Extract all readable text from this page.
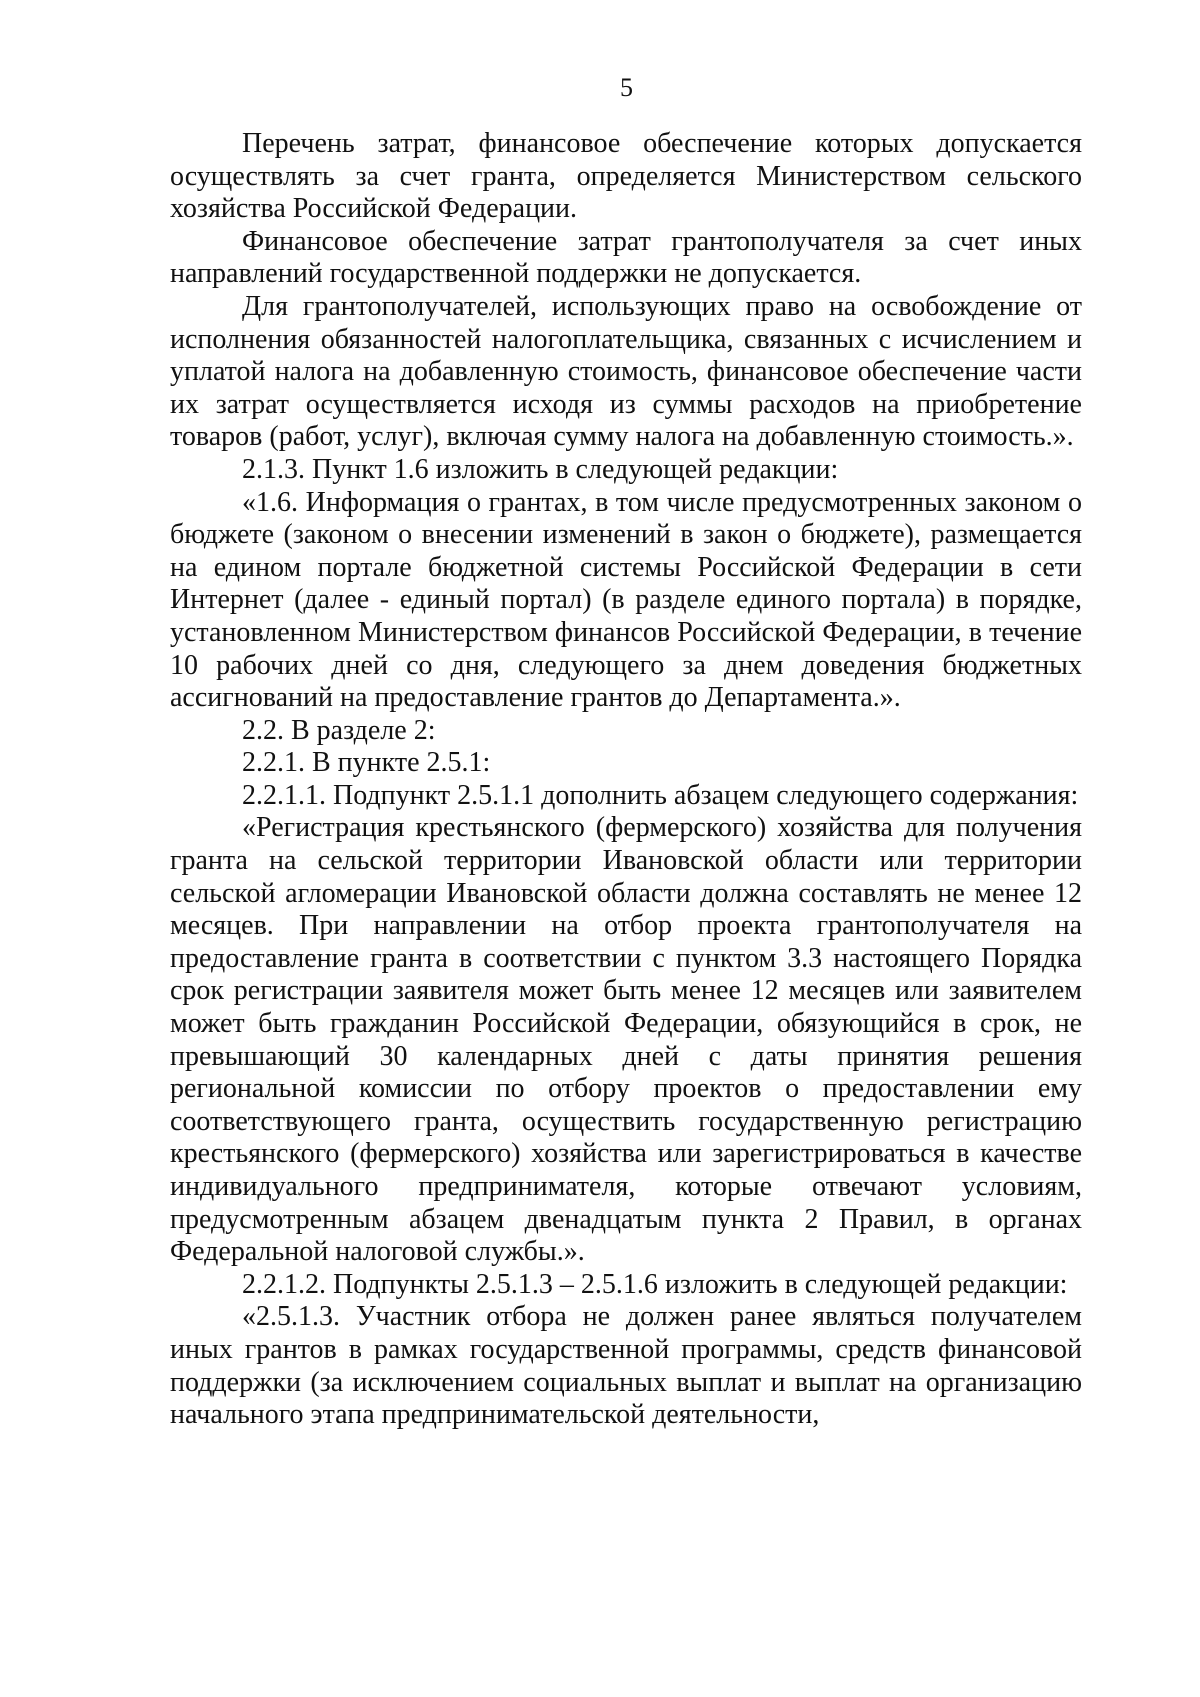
5

Перечень затрат, финансовое обеспечение которых допускается осуществлять за счет гранта, определяется Министерством сельского хозяйства Российской Федерации.

Финансовое обеспечение затрат грантополучателя за счет иных направлений государственной поддержки не допускается.

Для грантополучателей, использующих право на освобождение от исполнения обязанностей налогоплательщика, связанных с исчислением и уплатой налога на добавленную стоимость, финансовое обеспечение части их затрат осуществляется исходя из суммы расходов на приобретение товаров (работ, услуг), включая сумму налога на добавленную стоимость.».

2.1.3. Пункт 1.6 изложить в следующей редакции:

«1.6. Информация о грантах, в том числе предусмотренных законом о бюджете (законом о внесении изменений в закон о бюджете), размещается на едином портале бюджетной системы Российской Федерации в сети Интернет (далее - единый портал) (в разделе единого портала) в порядке, установленном Министерством финансов Российской Федерации, в течение 10 рабочих дней со дня, следующего за днем доведения бюджетных ассигнований на предоставление грантов до Департамента.».

2.2. В разделе 2:

2.2.1. В пункте 2.5.1:

2.2.1.1. Подпункт 2.5.1.1 дополнить абзацем следующего содержания:

«Регистрация крестьянского (фермерского) хозяйства для получения гранта на сельской территории Ивановской области или территории сельской агломерации Ивановской области должна составлять не менее 12 месяцев. При направлении на отбор проекта грантополучателя на предоставление гранта в соответствии с пунктом 3.3 настоящего Порядка срок регистрации заявителя может быть менее 12 месяцев или заявителем может быть гражданин Российской Федерации, обязующийся в срок, не превышающий 30 календарных дней с даты принятия решения региональной комиссии по отбору проектов о предоставлении ему соответствующего гранта, осуществить государственную регистрацию крестьянского (фермерского) хозяйства или зарегистрироваться в качестве индивидуального предпринимателя, которые отвечают условиям, предусмотренным абзацем двенадцатым пункта 2 Правил, в органах Федеральной налоговой службы.».

2.2.1.2. Подпункты 2.5.1.3 – 2.5.1.6 изложить в следующей редакции:

«2.5.1.3. Участник отбора не должен ранее являться получателем иных грантов в рамках государственной программы, средств финансовой поддержки (за исключением социальных выплат и выплат на организацию начального этапа предпринимательской деятельности,
